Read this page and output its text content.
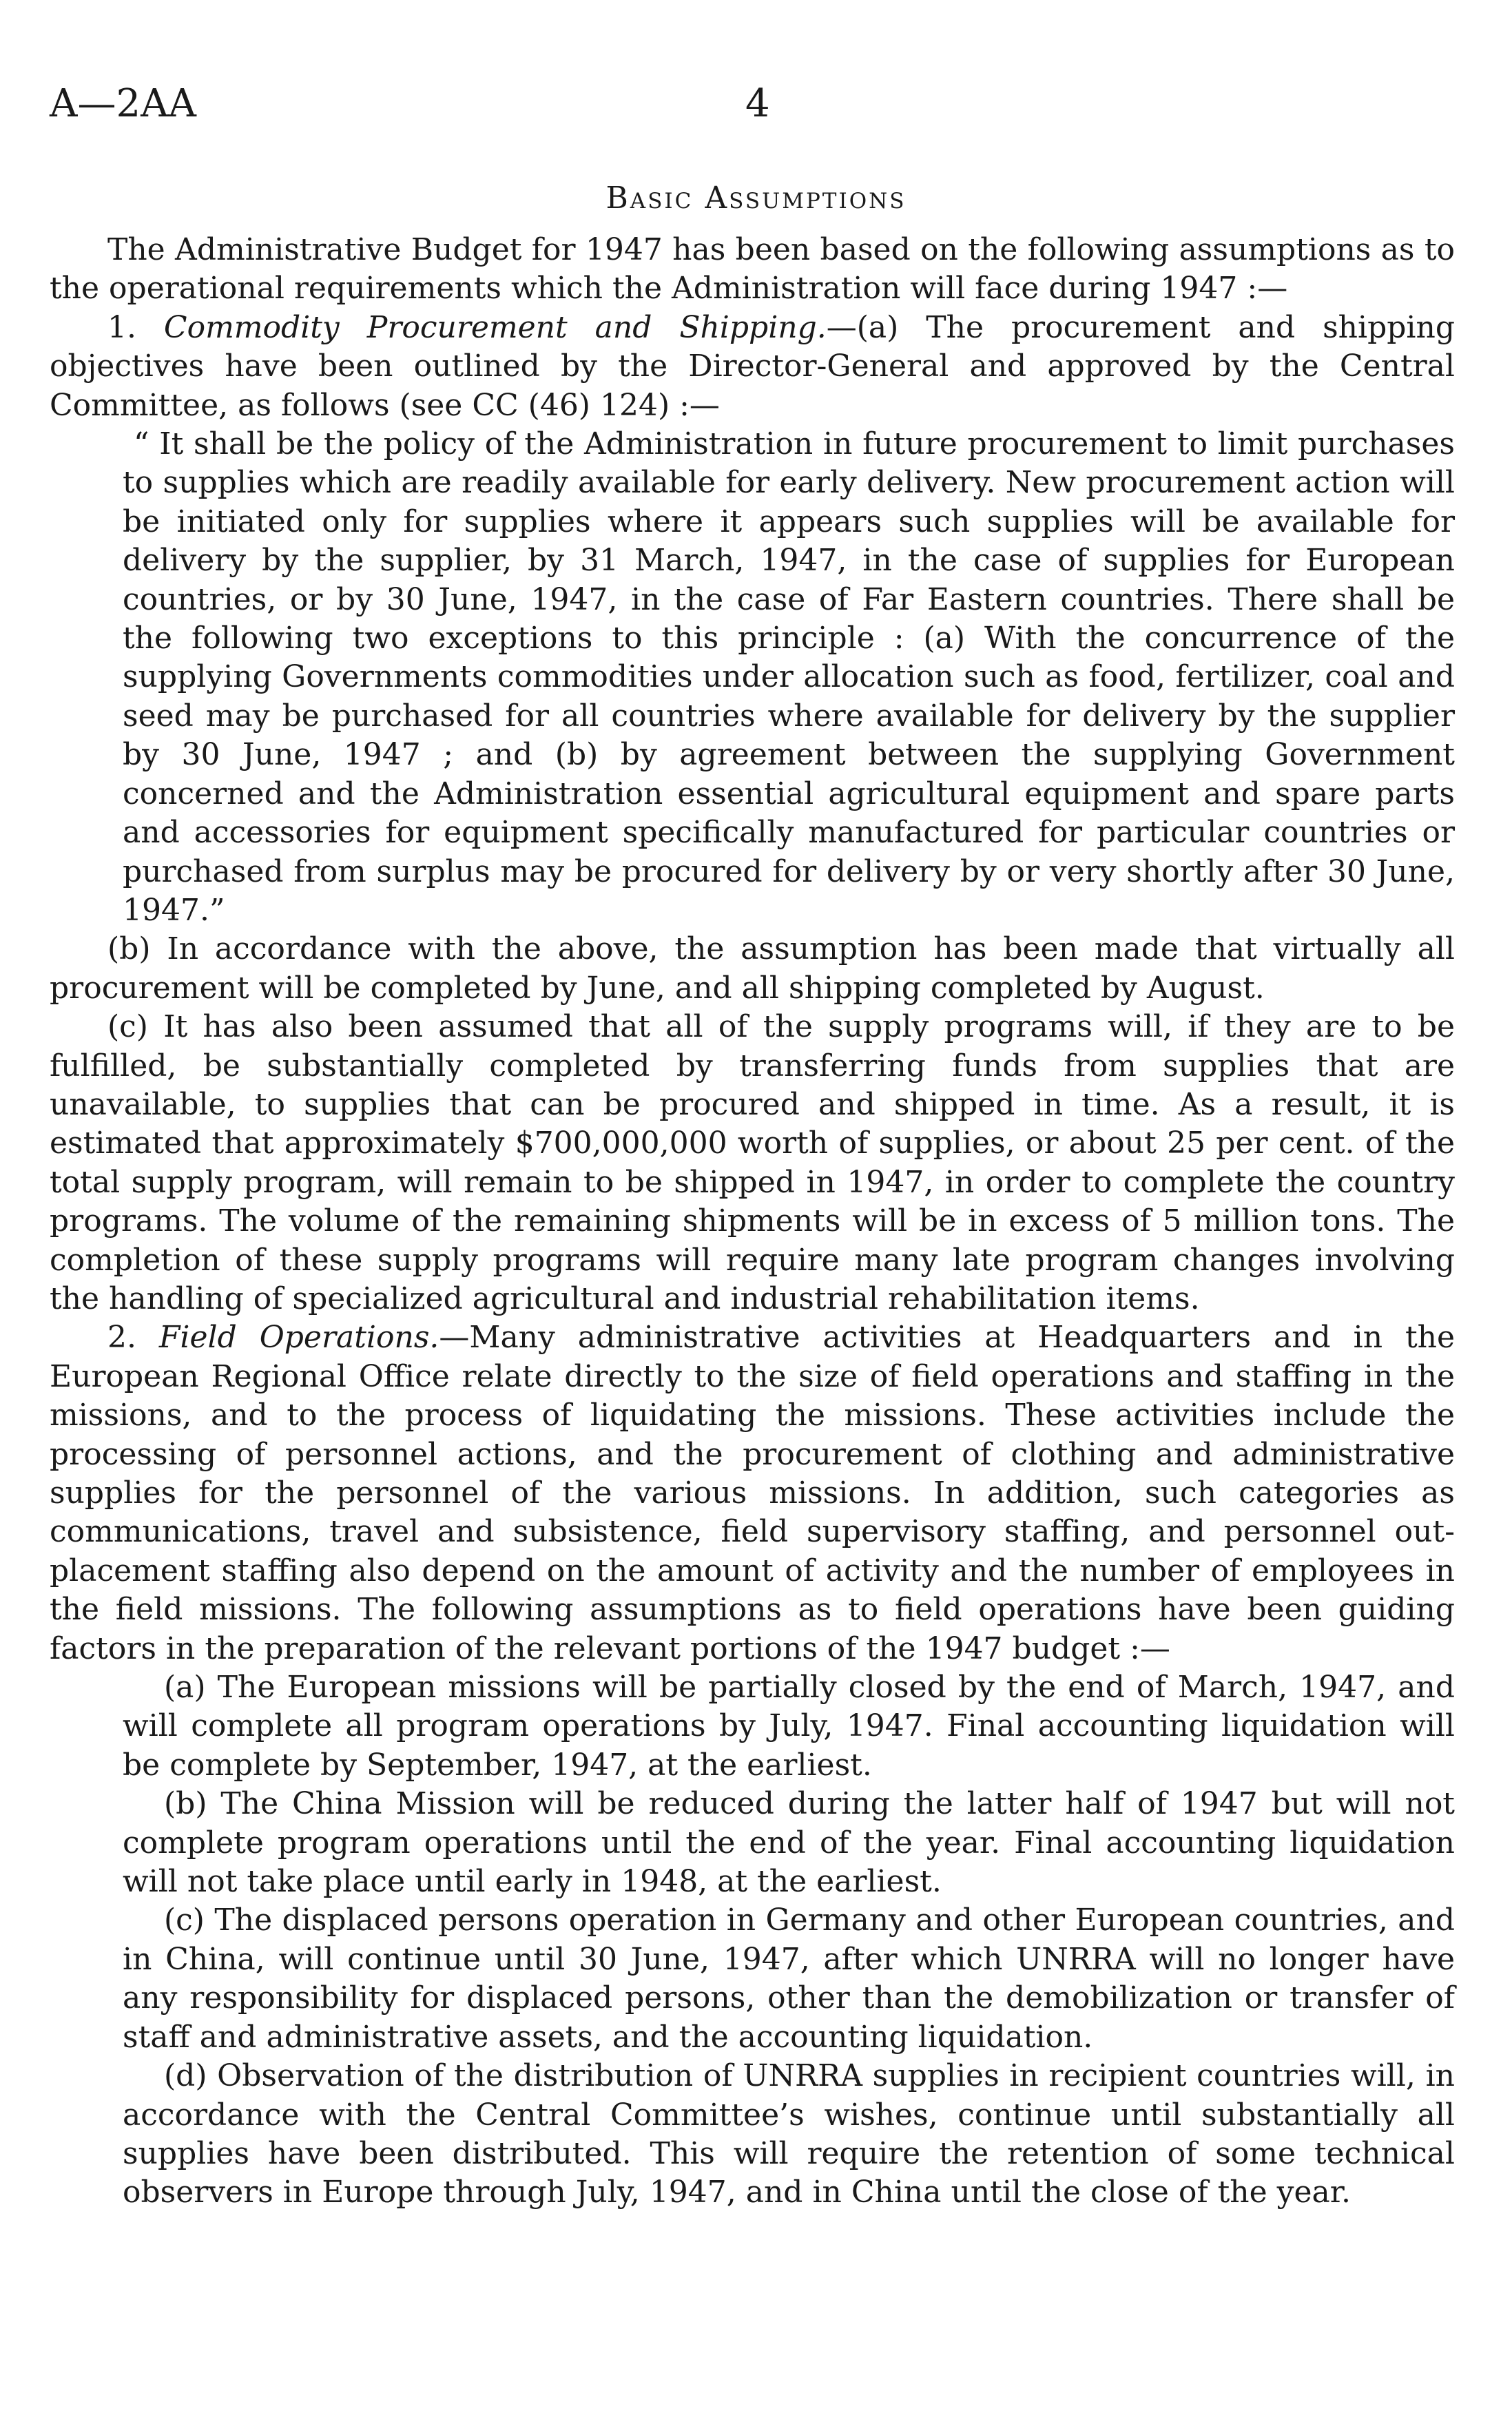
A—2AA	4
Basic Assumptions

The Administrative Budget for 1947 has been based on the following assumptions as to the operational requirements which the Administration will face during 1947 :—

1. Commodity Procurement and Shipping.—(a) The procurement and shipping objectives have been outlined by the Director-General and approved by the Central Committee, as follows (see CC (46) 124) :—

“ It shall be the policy of the Administration in future procurement to limit purchases to supplies which are readily available for early delivery. New procurement action will be initiated only for supplies where it appears such supplies will be available for delivery by the supplier, by 31 March, 1947, in the case of supplies for European countries, or by 30 June, 1947, in the case of Far Eastern countries. There shall be the following two exceptions to this principle : (a) With the concurrence of the supplying Governments commodities under allocation such as food, fertilizer, coal and seed may be purchased for all countries where available for delivery by the supplier by 30 June, 1947 ; and (b) by agreement between the supplying Government concerned and the Administration essential agricultural equipment and spare parts and accessories for equipment specifically manufactured for particular countries or purchased from surplus may be procured for delivery by or very shortly after 30 June, 1947.”

(b) In accordance with the above, the assumption has been made that virtually all procurement will be completed by June, and all shipping completed by August.

(c) It has also been assumed that all of the supply programs will, if they are to be fulfilled, be substantially completed by transferring funds from supplies that are unavailable, to supplies that can be procured and shipped in time. As a result, it is estimated that approximately $700,000,000 worth of supplies, or about 25 per cent. of the total supply program, will remain to be shipped in 1947, in order to complete the country programs. The volume of the remaining shipments will be in excess of 5 million tons. The completion of these supply programs will require many late program changes involving the handling of specialized agricultural and industrial rehabilitation items.

2. Field Operations.—Many administrative activities at Headquarters and in the European Regional Office relate directly to the size of field operations and staffing in the missions, and to the process of liquidating the missions. These activities include the processing of personnel actions, and the procurement of clothing and administrative supplies for the personnel of the various missions. In addition, such categories as communications, travel and subsistence, field supervisory staffing, and personnel out-placement staffing also depend on the amount of activity and the number of employees in the field missions. The following assumptions as to field operations have been guiding factors in the preparation of the relevant portions of the 1947 budget :—

(a) The European missions will be partially closed by the end of March, 1947, and will complete all program operations by July, 1947. Final accounting liquidation will be complete by September, 1947, at the earliest.

(b) The China Mission will be reduced during the latter half of 1947 but will not complete program operations until the end of the year. Final accounting liquidation will not take place until early in 1948, at the earliest.

(c) The displaced persons operation in Germany and other European countries, and in China, will continue until 30 June, 1947, after which UNRRA will no longer have any responsibility for displaced persons, other than the demobilization or transfer of staff and administrative assets, and the accounting liquidation.

(d) Observation of the distribution of UNRRA supplies in recipient countries will, in accordance with the Central Committee’s wishes, continue until substantially all supplies have been distributed. This will require the retention of some technical observers in Europe through July, 1947, and in China until the close of the year.
